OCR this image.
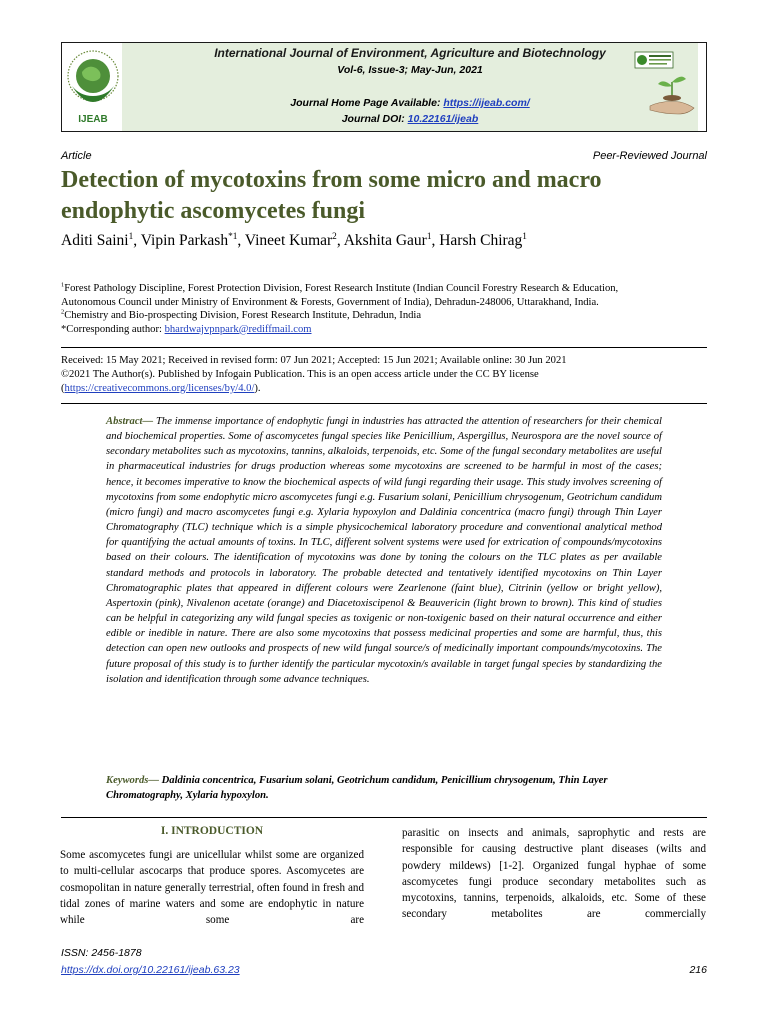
IJEAB
International Journal of Environment, Agriculture and Biotechnology
Vol-6, Issue-3; May-Jun, 2021
Journal Home Page Available: https://ijeab.com/
Journal DOI: 10.22161/ijeab
Article	Peer-Reviewed Journal
Detection of mycotoxins from some micro and macro endophytic ascomycetes fungi
Aditi Saini$^1$, Vipin Parkash$^{*1}$, Vineet Kumar$^2$, Akshita Gaur$^1$, Harsh Chirag$^1$
$^1$Forest Pathology Discipline, Forest Protection Division, Forest Research Institute (Indian Council Forestry Research & Education,
Autonomous Council under Ministry of Environment & Forests, Government of India), Dehradun-248006, Uttarakhand, India.
$^2$Chemistry and Bio-prospecting Division, Forest Research Institute, Dehradun, India
*Corresponding author: bhardwajvpnpark@rediffmail.com
Received: 15 May 2021; Received in revised form: 07 Jun 2021; Accepted: 15 Jun 2021; Available online: 30 Jun 2021
©2021 The Author(s). Published by Infogain Publication. This is an open access article under the CC BY license
(https://creativecommons.org/licenses/by/4.0/).
Abstract— The immense importance of endophytic fungi in industries has attracted the attention of researchers for their chemical and biochemical properties. Some of ascomycetes fungal species like Penicillium, Aspergillus, Neurospora are the novel source of secondary metabolites such as mycotoxins, tannins, alkaloids, terpenoids, etc. Some of the fungal secondary metabolites are useful in pharmaceutical industries for drugs production whereas some mycotoxins are screened to be harmful in most of the cases; hence, it becomes imperative to know the biochemical aspects of wild fungi regarding their usage. This study involves screening of mycotoxins from some endophytic micro ascomycetes fungi e.g. Fusarium solani, Penicillium chrysogenum, Geotrichum candidum (micro fungi) and macro ascomycetes fungi e.g. Xylaria hypoxylon and Daldinia concentrica (macro fungi) through Thin Layer Chromatography (TLC) technique which is a simple physicochemical laboratory procedure and conventional analytical method for quantifying the actual amounts of toxins. In TLC, different solvent systems were used for extrication of compounds/mycotoxins based on their colours. The identification of mycotoxins was done by toning the colours on the TLC plates as per available standard methods and protocols in laboratory. The probable detected and tentatively identified mycotoxins on Thin Layer Chromatographic plates that appeared in different colours were Zearlenone (faint blue), Citrinin (yellow or bright yellow), Aspertoxin (pink), Nivalenon acetate (orange) and Diacetoxiscipenol & Beauvericin (light brown to brown). This kind of studies can be helpful in categorizing any wild fungal species as toxigenic or non-toxigenic based on their natural occurrence and either edible or inedible in nature. There are also some mycotoxins that possess medicinal properties and some are harmful, thus, this detection can open new outlooks and prospects of new wild fungal source/s of medicinally important compounds/mycotoxins. The future proposal of this study is to further identify the particular mycotoxin/s available in target fungal species by standardizing the isolation and identification through some advance techniques.
Keywords— Daldinia concentrica, Fusarium solani, Geotrichum candidum, Penicillium chrysogenum, Thin Layer Chromatography, Xylaria hypoxylon.
I. INTRODUCTION
Some ascomycetes fungi are unicellular whilst some are organized to multi-cellular ascocarps that produce spores. Ascomycetes are cosmopolitan in nature generally terrestrial, often found in fresh and tidal zones of marine waters and some are endophytic in nature while some are
parasitic on insects and animals, saprophytic and rests are responsible for causing destructive plant diseases (wilts and powdery mildews) [1-2]. Organized fungal hyphae of some ascomycetes fungi produce secondary metabolites such as mycotoxins, tannins, terpenoids, alkaloids, etc. Some of these secondary metabolites are commercially
ISSN: 2456-1878
https://dx.doi.org/10.22161/ijeab.63.23	216
